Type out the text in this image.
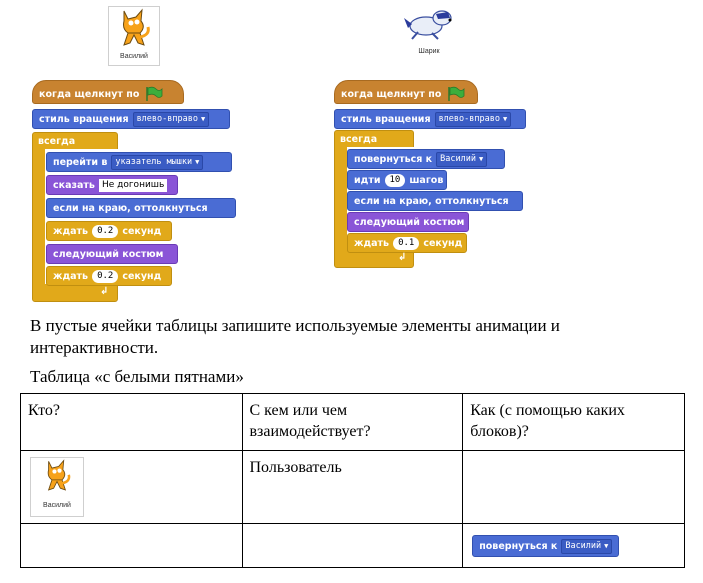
Василий
Шарик
когда щелкнут по
стиль вращения влево-вправо ▼
всегда
перейти в указатель мышки ▼
сказать Не догонишь
если на краю, оттолкнуться
ждать	0.2 секунд
следующий костюм
ждать	0.2 секунд
↲
когда щелкнут по
стиль вращения влево-вправо ▼
всегда
повернуться к Василий ▼
идти	10 шагов
если на краю, оттолкнуться
следующий костюм
ждать	0.1 секунд
↲
В пустые ячейки таблицы запишите используемые элементы анимации и интерактивности.
Таблица «с белыми пятнами»
Кто?	С кем или чем взаимодействует?	Как (с помощью каких блоков)?

Василий	Пользователь	

		повернуться к Василий ▼
